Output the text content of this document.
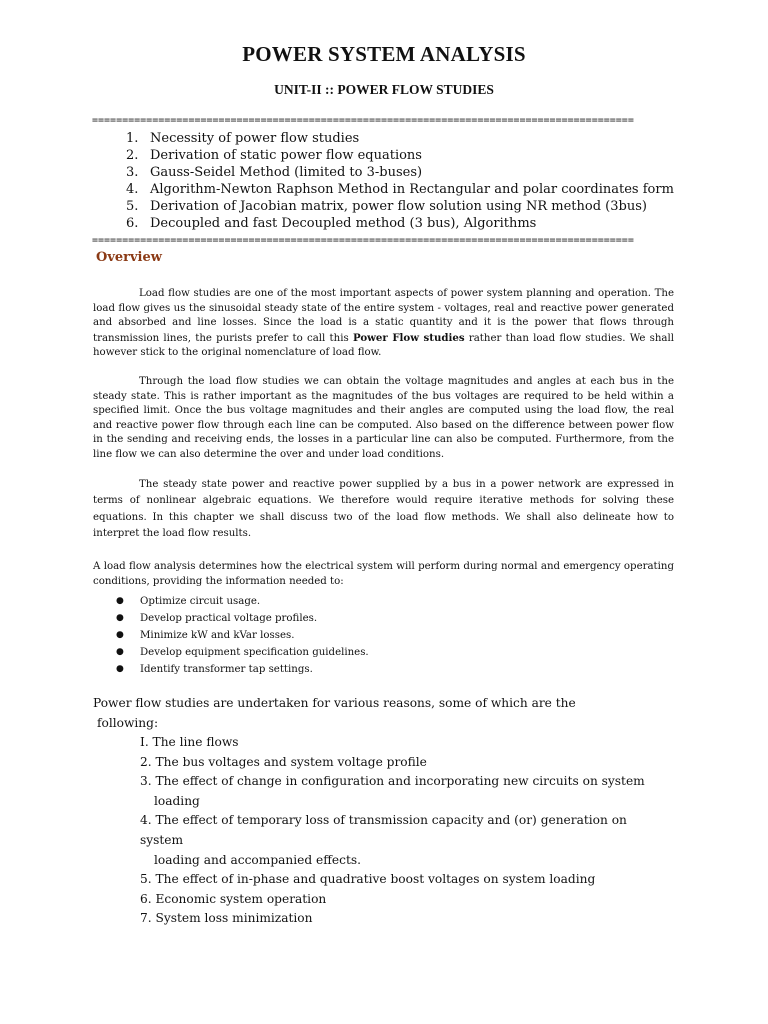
POWER SYSTEM ANALYSIS
UNIT-II :: POWER FLOW STUDIES
==========================================================================================
1. Necessity of power flow studies
2. Derivation of static power flow equations
3. Gauss-Seidel Method (limited to 3-buses)
4. Algorithm-Newton Raphson Method in Rectangular and polar coordinates form
5. Derivation of Jacobian matrix, power flow solution using NR method (3bus)
6. Decoupled and fast Decoupled method (3 bus), Algorithms
==========================================================================================
Overview

Load flow studies are one of the most important aspects of power system planning and operation. The load flow gives us the sinusoidal steady state of the entire system - voltages, real and reactive power generated and absorbed and line losses. Since the load is a static quantity and it is the power that flows through transmission lines, the purists prefer to call this Power Flow studies rather than load flow studies. We shall however stick to the original nomenclature of load flow.

Through the load flow studies we can obtain the voltage magnitudes and angles at each bus in the steady state. This is rather important as the magnitudes of the bus voltages are required to be held within a specified limit. Once the bus voltage magnitudes and their angles are computed using the load flow, the real and reactive power flow through each line can be computed. Also based on the difference between power flow in the sending and receiving ends, the losses in a particular line can also be computed. Furthermore, from the line flow we can also determine the over and under load conditions.

The steady state power and reactive power supplied by a bus in a power network are expressed in terms of nonlinear algebraic equations. We therefore would require iterative methods for solving these equations. In this chapter we shall discuss two of the load flow methods. We shall also delineate how to interpret the load flow results.

A load flow analysis determines how the electrical system will perform during normal and emergency operating conditions, providing the information needed to:

●	Optimize circuit usage.
●	Develop practical voltage profiles.
●	Minimize kW and kVar losses.
●	Develop equipment specification guidelines.
●	Identify transformer tap settings.

Power flow studies are undertaken for various reasons, some of which are the
following:

I. The line flows
2. The bus voltages and system voltage profile
3. The effect of change in configuration and incorporating new circuits on system
loading
4. The effect of temporary loss of transmission capacity and (or) generation on
system
loading and accompanied effects.
5. The effect of in-phase and quadrative boost voltages on system loading
6. Economic system operation
7. System loss minimization
